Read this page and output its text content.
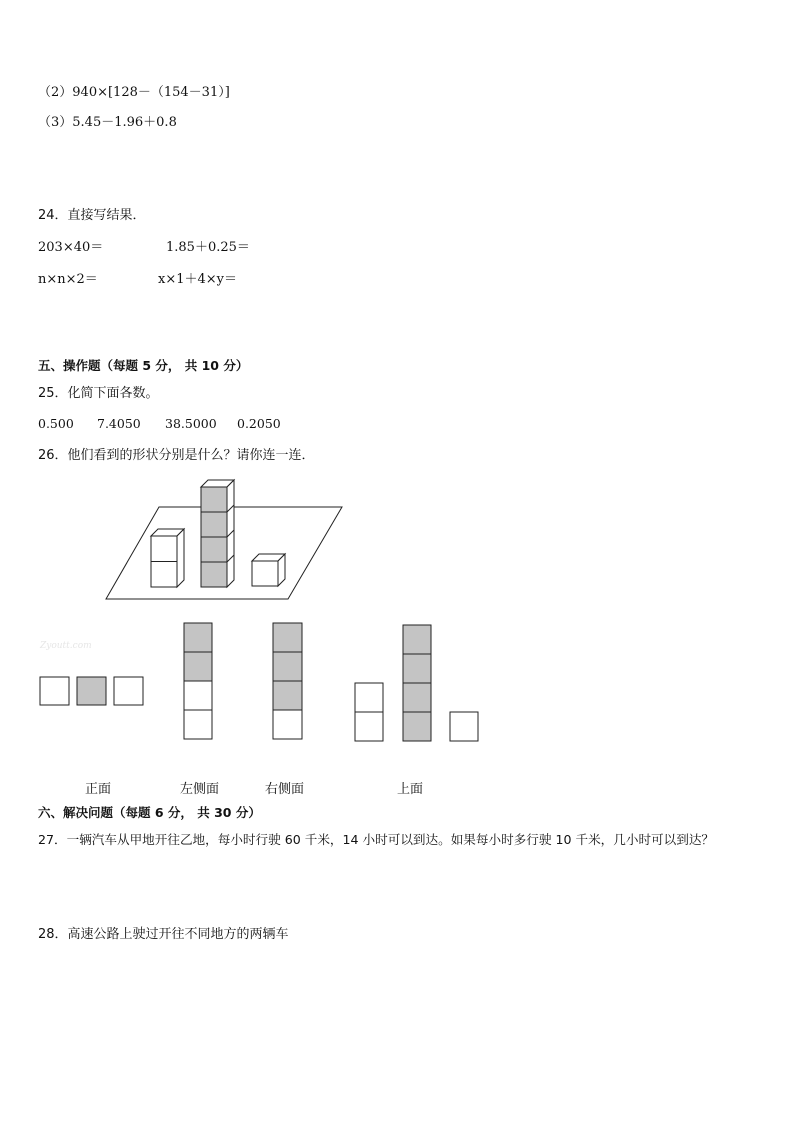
（2）940×[128－（154－31）]
（3）5.45－1.96＋0.8
24．直接写结果．
203×40＝	1.85＋0.25＝
n×n×2＝	x×1＋4×y＝
五、操作题（每题 5 分， 共 10 分）
25．化简下面各数。
0.500 7.4050 38.5000 0.2050
26．他们看到的形状分别是什么？请你连一连．
Zyoutt.com
正面	左侧面	右侧面	上面
六、解决问题（每题 6 分， 共 30 分）
27．一辆汽车从甲地开往乙地，每小时行驶 60 千米，14 小时可以到达。如果每小时多行驶 10 千米，几小时可以到达？
28．高速公路上驶过开往不同地方的两辆车
